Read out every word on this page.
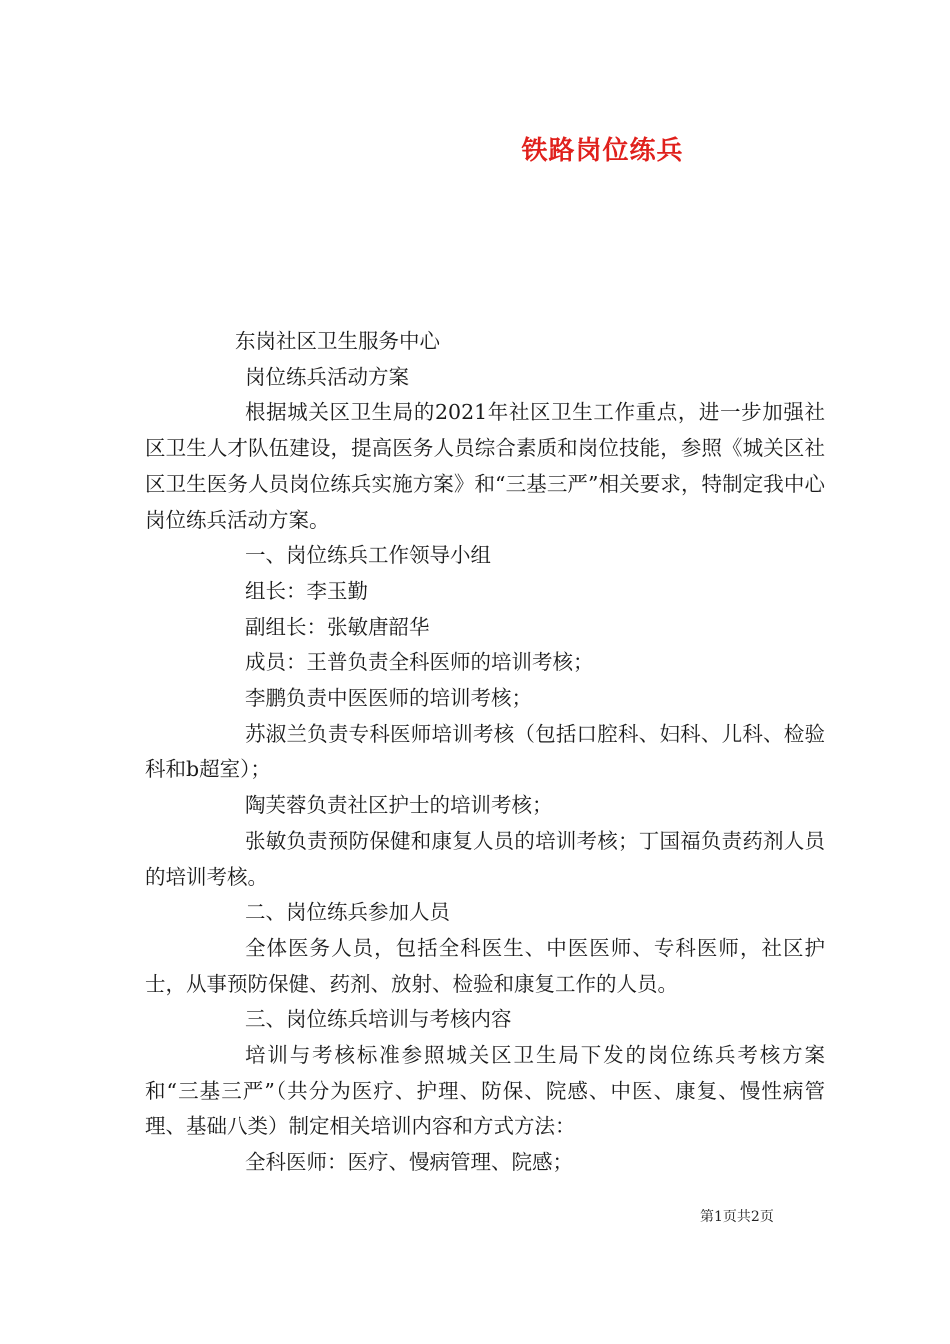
铁路岗位练兵

东岗社区卫生服务中心

岗位练兵活动方案

根据城关区卫生局的2021年社区卫生工作重点，进一步加强社区卫生人才队伍建设，提高医务人员综合素质和岗位技能，参照《城关区社区卫生医务人员岗位练兵实施方案》和“三基三严”相关要求，特制定我中心岗位练兵活动方案。

一、岗位练兵工作领导小组

组长：李玉勤

副组长：张敏唐韶华

成员：王普负责全科医师的培训考核；

李鹏负责中医医师的培训考核；

苏淑兰负责专科医师培训考核（包括口腔科、妇科、儿科、检验科和b超室）；

陶芙蓉负责社区护士的培训考核；

张敏负责预防保健和康复人员的培训考核；丁国福负责药剂人员的培训考核。

二、岗位练兵参加人员

全体医务人员，包括全科医生、中医医师、专科医师，社区护士，从事预防保健、药剂、放射、检验和康复工作的人员。

三、岗位练兵培训与考核内容

培训与考核标准参照城关区卫生局下发的岗位练兵考核方案和“三基三严”（共分为医疗、护理、防保、院感、中医、康复、慢性病管理、基础八类）制定相关培训内容和方式方法：

全科医师：医疗、慢病管理、院感；

第1页共2页
